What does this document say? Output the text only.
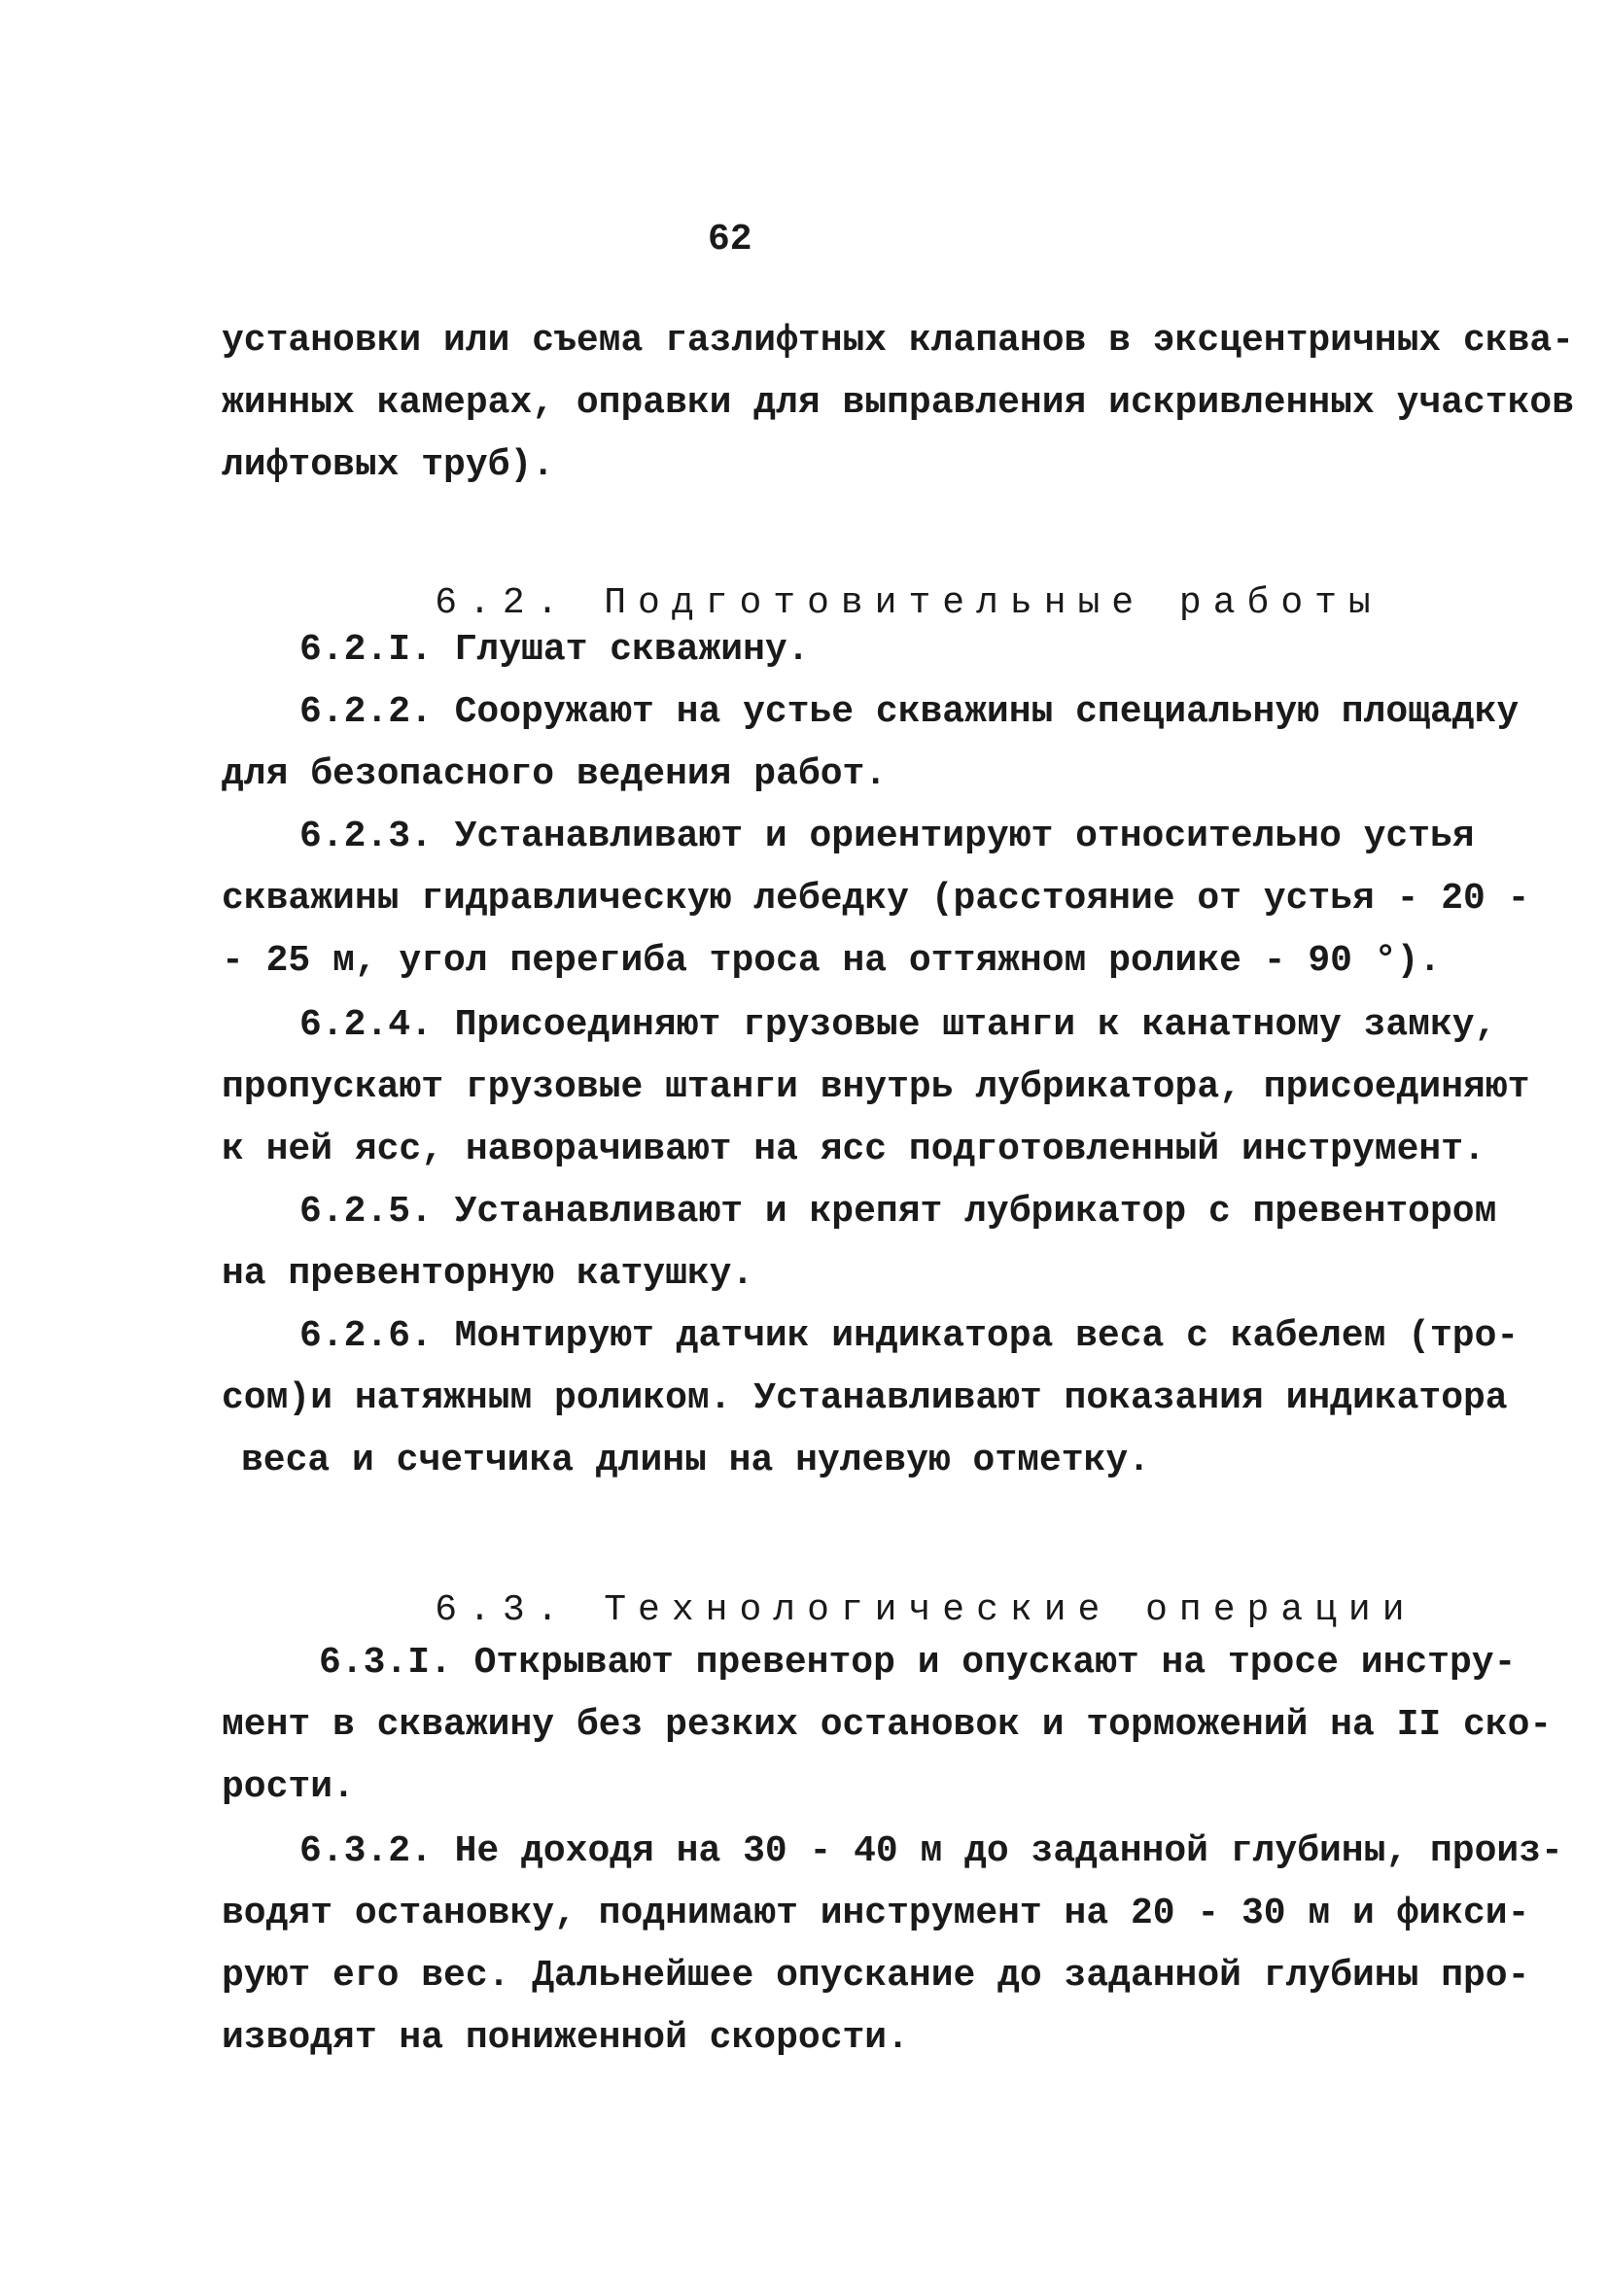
62
установки или съема газлифтных клапанов в эксцентричных сква-
жинных камерах, оправки для выправления искривленных участков
лифтовых труб).

6.2. Подготовительные работы

6.2.I. Глушат скважину.
6.2.2. Сооружают на устье скважины специальную площадку
для безопасного ведения работ.
6.2.3. Устанавливают и ориентируют относительно устья
скважины гидравлическую лебедку (расстояние от устья - 20 -
- 25 м, угол перегиба троса на оттяжном ролике - 90 °).
6.2.4. Присоединяют грузовые штанги к канатному замку,
пропускают грузовые штанги внутрь лубрикатора, присоединяют
к ней ясс, наворачивают на ясс подготовленный инструмент.
6.2.5. Устанавливают и крепят лубрикатор с превентором
на превенторную катушку.
6.2.6. Монтируют датчик индикатора веса с кабелем (тро-
сом)и натяжным роликом. Устанавливают показания индикатора
веса и счетчика длины на нулевую отметку.

6.3. Технологические операции

6.3.I. Открывают превентор и опускают на тросе инстру-
мент в скважину без резких остановок и торможений на II ско-
рости.
6.3.2. Не доходя на 30 - 40 м до заданной глубины, произ-
водят остановку, поднимают инструмент на 20 - 30 м и фикси-
руют его вес. Дальнейшее опускание до заданной глубины про-
изводят на пониженной скорости.
